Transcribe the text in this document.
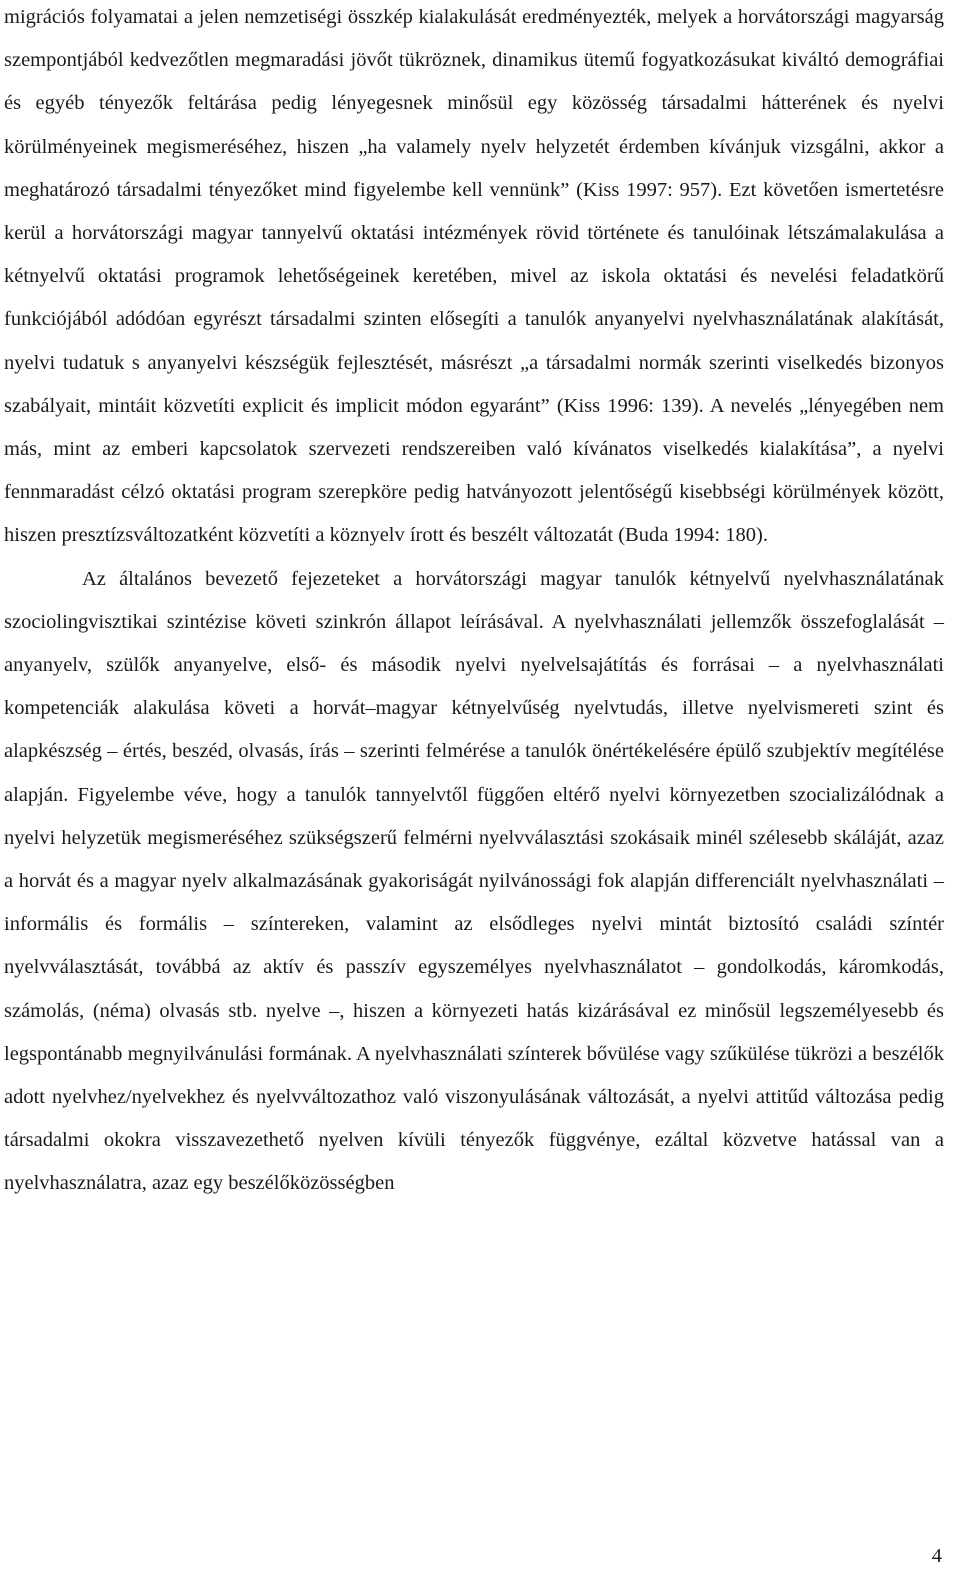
migrációs folyamatai a jelen nemzetiségi összkép kialakulását eredményezték, melyek a horvátországi magyarság szempontjából kedvezőtlen megmaradási jövőt tükröznek, dinamikus ütemű fogyatkozásukat kiváltó demográfiai és egyéb tényezők feltárása pedig lényegesnek minősül egy közösség társadalmi hátterének és nyelvi körülményeinek megismeréséhez, hiszen „ha valamely nyelv helyzetét érdemben kívánjuk vizsgálni, akkor a meghatározó társadalmi tényezőket mind figyelembe kell vennünk” (Kiss 1997: 957). Ezt követően ismertetésre kerül a horvátországi magyar tannyelvű oktatási intézmények rövid története és tanulóinak létszámalakulása a kétnyelvű oktatási programok lehetőségeinek keretében, mivel az iskola oktatási és nevelési feladatkörű funkciójából adódóan egyrészt társadalmi szinten elősegíti a tanulók anyanyelvi nyelvhasználatának alakítását, nyelvi tudatuk s anyanyelvi készségük fejlesztését, másrészt „a társadalmi normák szerinti viselkedés bizonyos szabályait, mintáit közvetíti explicit és implicit módon egyaránt” (Kiss 1996: 139). A nevelés „lényegében nem más, mint az emberi kapcsolatok szervezeti rendszereiben való kívánatos viselkedés kialakítása”, a nyelvi fennmaradást célzó oktatási program szerepköre pedig hatványozott jelentőségű kisebbségi körülmények között, hiszen presztízsváltozatként közvetíti a köznyelv írott és beszélt változatát (Buda 1994: 180).

Az általános bevezető fejezeteket a horvátországi magyar tanulók kétnyelvű nyelvhasználatának szociolingvisztikai szintézise követi szinkrón állapot leírásával. A nyelvhasználati jellemzők összefoglalását – anyanyelv, szülők anyanyelve, első- és második nyelvi nyelvelsajátítás és forrásai – a nyelvhasználati kompetenciák alakulása követi a horvát–magyar kétnyelvűség nyelvtudás, illetve nyelvismereti szint és alapkészség – értés, beszéd, olvasás, írás – szerinti felmérése a tanulók önértékelésére épülő szubjektív megítélése alapján. Figyelembe véve, hogy a tanulók tannyelvtől függően eltérő nyelvi környezetben szocializálódnak a nyelvi helyzetük megismeréséhez szükségszerű felmérni nyelvválasztási szokásaik minél szélesebb skáláját, azaz a horvát és a magyar nyelv alkalmazásának gyakoriságát nyilvánossági fok alapján differenciált nyelvhasználati – informális és formális – színtereken, valamint az elsődleges nyelvi mintát biztosító családi színtér nyelvválasztását, továbbá az aktív és passzív egyszemélyes nyelvhasználatot – gondolkodás, káromkodás, számolás, (néma) olvasás stb. nyelve –, hiszen a környezeti hatás kizárásával ez minősül legszemélyesebb és legspontánabb megnyilvánulási formának. A nyelvhasználati színterek bővülése vagy szűkülése tükrözi a beszélők adott nyelvhez/nyelvekhez és nyelvváltozathoz való viszonyulásának változását, a nyelvi attitűd változása pedig társadalmi okokra visszavezethető nyelven kívüli tényezők függvénye, ezáltal közvetve hatással van a nyelvhasználatra, azaz egy beszélőközösségben

4
